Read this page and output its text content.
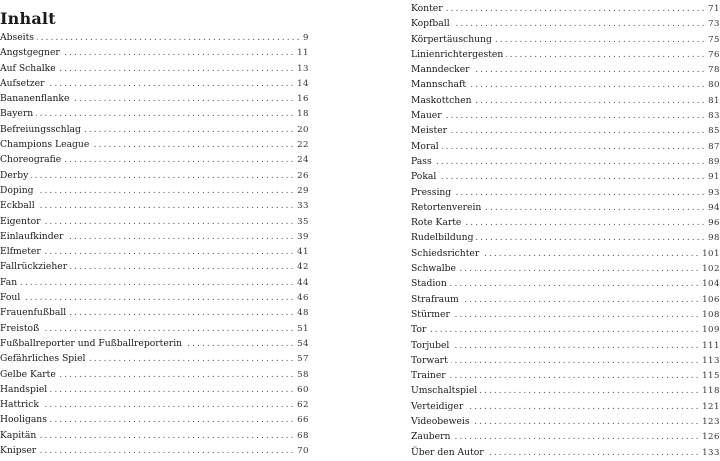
Inhalt
Abseits . . .	9
Angstgegner . . .	11
Auf Schalke . . .	13
Aufsetzer . . .	14
Bananenflanke . . .	16
Bayern . . .	18
Befreiungsschlag . . .	20
Champions League . . .	22
Choreografie . . .	24
Derby . . .	26
Doping . . .	29
Eckball . . .	33
Eigentor . . .	35
Einlaufkinder . . .	39
Elfmeter . . .	41
Fallrückzieher . . .	42
Fan . . .	44
Foul . . .	46
Frauenfußball . . .	48
Freistoß . . .	51
Fußballreporter und Fußballreporterin . . .	54
Gefährliches Spiel . . .	57
Gelbe Karte . . .	58
Handspiel . . .	60
Hattrick . . .	62
Hooligans . . .	66
Kapitän . . .	68
Knipser . . .	70
Konter . . .	71
Kopfball . . .	73
Körpertäuschung . . .	75
Linienrichtergesten . . .	76
Manndecker . . .	78
Mannschaft . . .	80
Maskottchen . . .	81
Mauer . . .	83
Meister . . .	85
Moral . . .	87
Pass . . .	89
Pokal . . .	91
Pressing . . .	93
Retortenverein . . .	94
Rote Karte . . .	96
Rudelbildung . . .	98
Schiedsrichter . . .	101
Schwalbe . . .	102
Stadion . . .	104
Strafraum . . .	106
Stürmer . . .	108
Tor . . .	109
Torjubel . . .	111
Torwart . . .	113
Trainer . . .	115
Umschaltspiel . . .	118
Verteidiger . . .	121
Videobeweis . . .	123
Zaubern . . .	126
Über den Autor . . .	133
